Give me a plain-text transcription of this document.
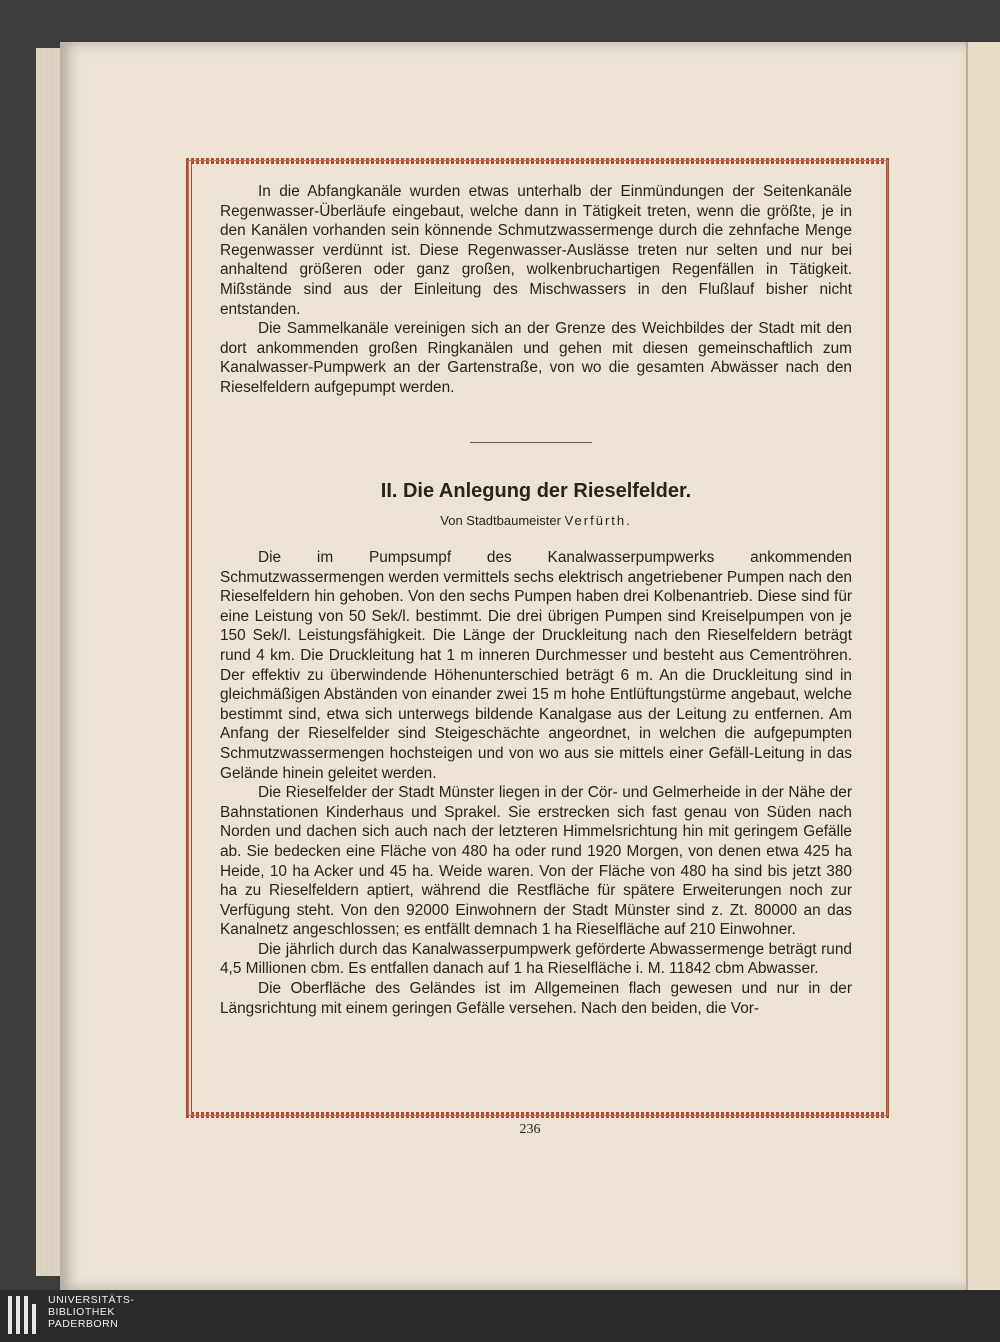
In die Abfangkanäle wurden etwas unterhalb der Einmündungen der Seitenkanäle Regenwasser-Überläufe eingebaut, welche dann in Tätigkeit treten, wenn die größte, je in den Kanälen vorhanden sein könnende Schmutzwassermenge durch die zehnfache Menge Regenwasser verdünnt ist. Diese Regenwasser-Auslässe treten nur selten und nur bei anhaltend größeren oder ganz großen, wolkenbruchartigen Regenfällen in Tätigkeit. Mißstände sind aus der Einleitung des Mischwassers in den Flußlauf bisher nicht entstanden.

Die Sammelkanäle vereinigen sich an der Grenze des Weichbildes der Stadt mit den dort ankommenden großen Ringkanälen und gehen mit diesen gemeinschaftlich zum Kanalwasser-Pumpwerk an der Gartenstraße, von wo die gesamten Abwässer nach den Rieselfeldern aufgepumpt werden.

II. Die Anlegung der Rieselfelder.
Von Stadtbaumeister Verfürth.

Die im Pumpsumpf des Kanalwasserpumpwerks ankommenden Schmutzwassermengen werden vermittels sechs elektrisch angetriebener Pumpen nach den Rieselfeldern hin gehoben. Von den sechs Pumpen haben drei Kolbenantrieb. Diese sind für eine Leistung von 50 Sek/l. bestimmt. Die drei übrigen Pumpen sind Kreiselpumpen von je 150 Sek/l. Leistungsfähigkeit. Die Länge der Druckleitung nach den Rieselfeldern beträgt rund 4 km. Die Druckleitung hat 1 m inneren Durchmesser und besteht aus Cementröhren. Der effektiv zu überwindende Höhenunterschied beträgt 6 m. An die Druckleitung sind in gleichmäßigen Abständen von einander zwei 15 m hohe Entlüftungstürme angebaut, welche bestimmt sind, etwa sich unterwegs bildende Kanalgase aus der Leitung zu entfernen. Am Anfang der Rieselfelder sind Steigeschächte angeordnet, in welchen die aufgepumpten Schmutzwassermengen hochsteigen und von wo aus sie mittels einer Gefäll-Leitung in das Gelände hinein geleitet werden.

Die Rieselfelder der Stadt Münster liegen in der Cör- und Gelmerheide in der Nähe der Bahnstationen Kinderhaus und Sprakel. Sie erstrecken sich fast genau von Süden nach Norden und dachen sich auch nach der letzteren Himmelsrichtung hin mit geringem Gefälle ab. Sie bedecken eine Fläche von 480 ha oder rund 1920 Morgen, von denen etwa 425 ha Heide, 10 ha Acker und 45 ha. Weide waren. Von der Fläche von 480 ha sind bis jetzt 380 ha zu Rieselfeldern aptiert, während die Restfläche für spätere Erweiterungen noch zur Verfügung steht. Von den 92000 Einwohnern der Stadt Münster sind z. Zt. 80000 an das Kanalnetz angeschlossen; es entfällt demnach 1 ha Rieselfläche auf 210 Einwohner.

Die jährlich durch das Kanalwasserpumpwerk geförderte Abwassermenge beträgt rund 4,5 Millionen cbm. Es entfallen danach auf 1 ha Rieselfläche i. M. 11842 cbm Abwasser.

Die Oberfläche des Geländes ist im Allgemeinen flach gewesen und nur in der Längsrichtung mit einem geringen Gefälle versehen. Nach den beiden, die Vor-

236
UNIVERSITÄTS-
BIBLIOTHEK
PADERBORN
